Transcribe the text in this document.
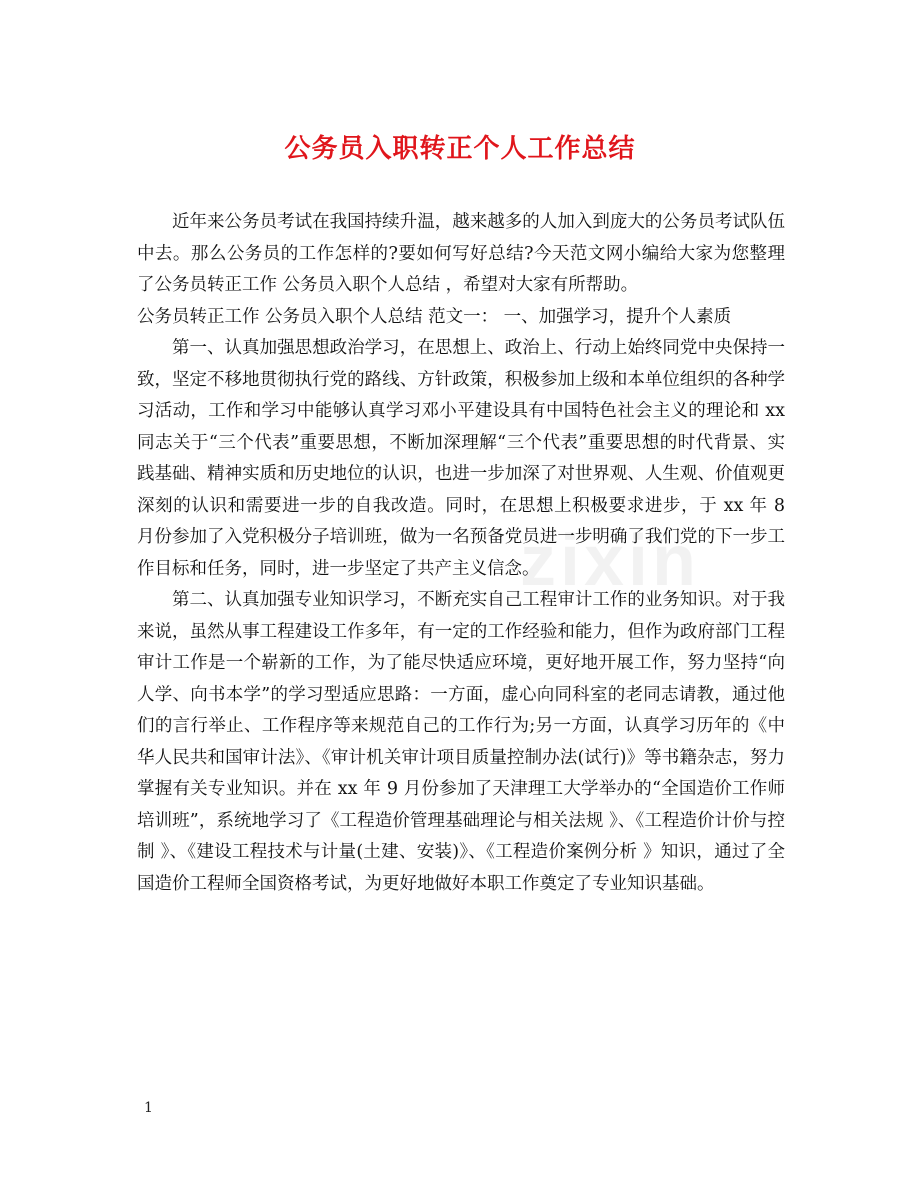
公务员入职转正个人工作总结

近年来公务员考试在我国持续升温，越来越多的人加入到庞大的公务员考试队伍中去。那么公务员的工作怎样的?要如何写好总结?今天范文网小编给大家为您整理了公务员转正工作 公务员入职个人总结 ，希望对大家有所帮助。

公务员转正工作 公务员入职个人总结 范文一： 一、加强学习，提升个人素质

第一、认真加强思想政治学习，在思想上、政治上、行动上始终同党中央保持一致，坚定不移地贯彻执行党的路线、方针政策，积极参加上级和本单位组织的各种学习活动，工作和学习中能够认真学习邓小平建设具有中国特色社会主义的理论和 xx 同志关于“三个代表”重要思想，不断加深理解“三个代表”重要思想的时代背景、实践基础、精神实质和历史地位的认识，也进一步加深了对世界观、人生观、价值观更深刻的认识和需要进一步的自我改造。同时，在思想上积极要求进步，于 xx 年 8 月份参加了入党积极分子培训班，做为一名预备党员进一步明确了我们党的下一步工作目标和任务，同时，进一步坚定了共产主义信念。

第二、认真加强专业知识学习，不断充实自己工程审计工作的业务知识。对于我来说，虽然从事工程建设工作多年，有一定的工作经验和能力，但作为政府部门工程审计工作是一个崭新的工作，为了能尽快适应环境，更好地开展工作，努力坚持“向人学、向书本学”的学习型适应思路：一方面，虚心向同科室的老同志请教，通过他们的言行举止、工作程序等来规范自己的工作行为;另一方面，认真学习历年的《中华人民共和国审计法》、《审计机关审计项目质量控制办法(试行)》等书籍杂志，努力掌握有关专业知识。并在 xx 年 9 月份参加了天津理工大学举办的“全国造价工作师培训班”，系统地学习了《工程造价管理基础理论与相关法规 》、《工程造价计价与控制 》、《建设工程技术与计量(土建、安装)》、《工程造价案例分析 》知识，通过了全国造价工程师全国资格考试，为更好地做好本职工作奠定了专业知识基础。

zixin
1
